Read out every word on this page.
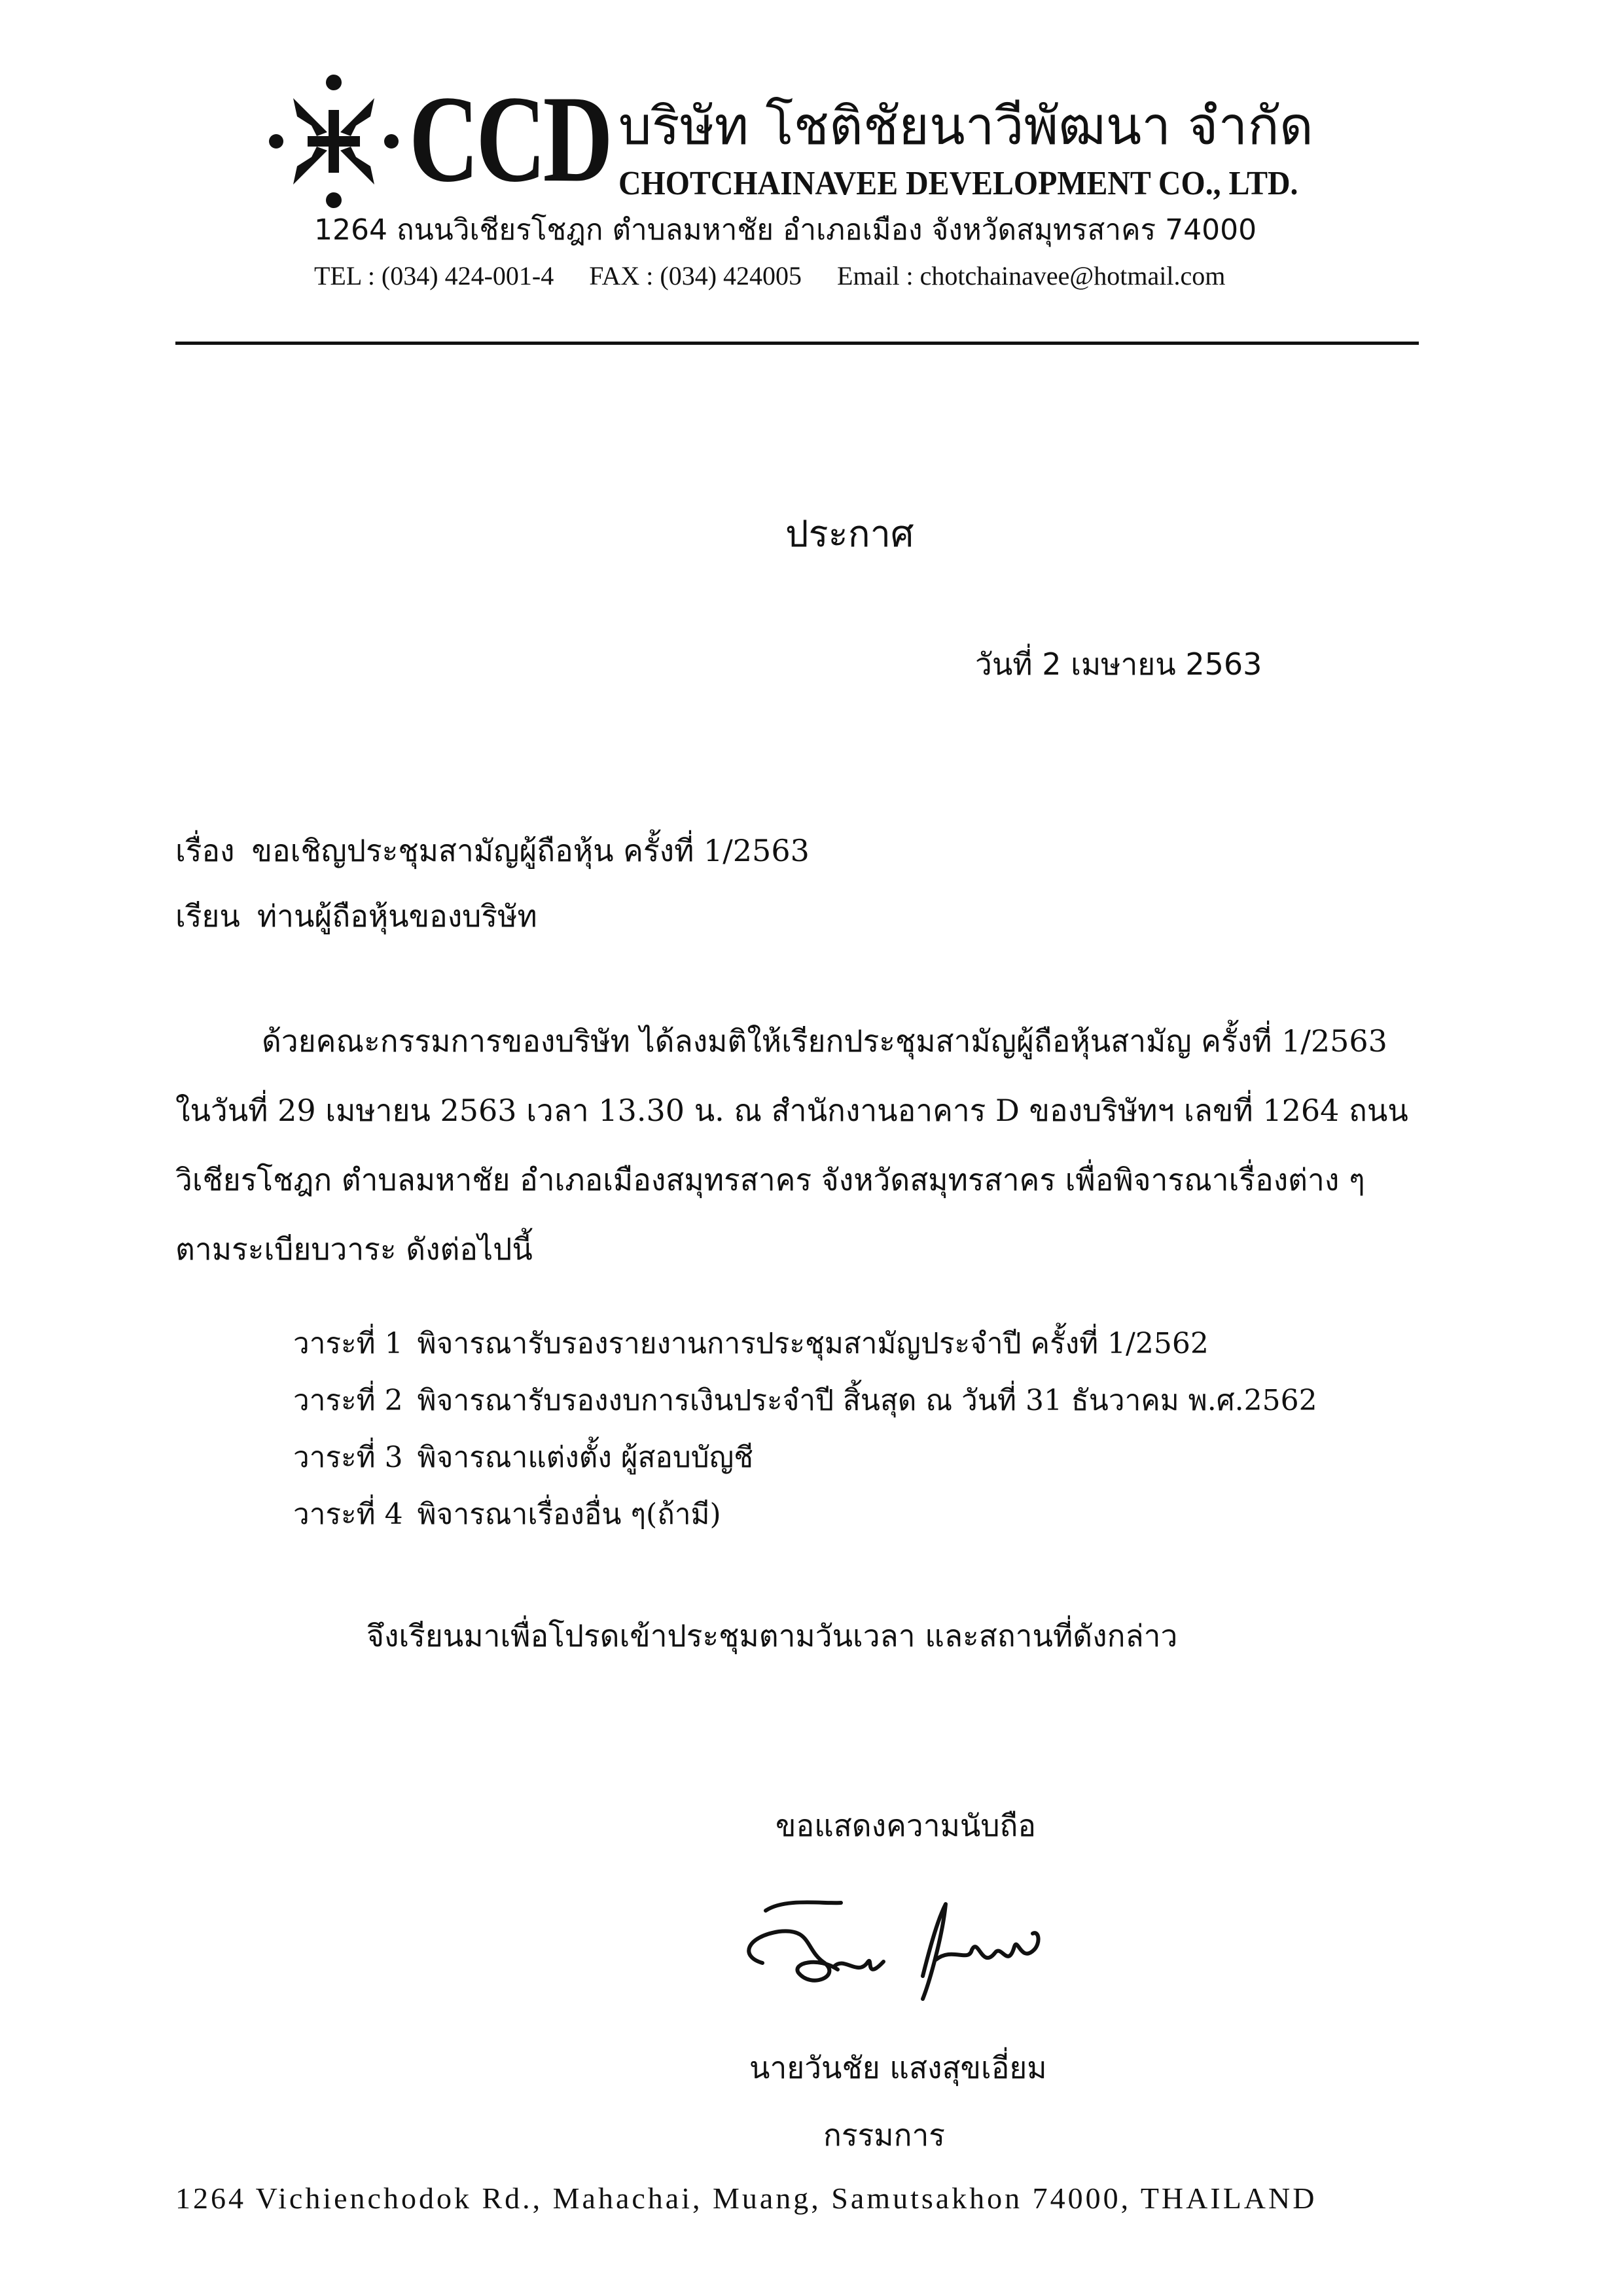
CCD บริษัท โชติชัยนาวีพัฒนา จำกัด
CHOTCHAINAVEE DEVELOPMENT CO., LTD.
1264 ถนนวิเชียรโชฎก ตำบลมหาชัย อำเภอเมือง จังหวัดสมุทรสาคร 74000
TEL : (034) 424-001-4 FAX : (034) 424005 Email : chotchainavee@hotmail.com
ประกาศ
วันที่ 2 เมษายน 2563
เรื่อง ขอเชิญประชุมสามัญผู้ถือหุ้น ครั้งที่ 1/2563
เรียน ท่านผู้ถือหุ้นของบริษัท

ด้วยคณะกรรมการของบริษัท ได้ลงมติให้เรียกประชุมสามัญผู้ถือหุ้นสามัญ ครั้งที่ 1/2563

ในวันที่ 29 เมษายน 2563 เวลา 13.30 น. ณ สำนักงานอาคาร D ของบริษัทฯ เลขที่ 1264 ถนน

วิเชียรโชฎก ตำบลมหาชัย อำเภอเมืองสมุทรสาคร จังหวัดสมุทรสาคร เพื่อพิจารณาเรื่องต่าง ๆ

ตามระเบียบวาระ ดังต่อไปนี้

วาระที่ 1 พิจารณารับรองรายงานการประชุมสามัญประจำปี ครั้งที่ 1/2562
วาระที่ 2 พิจารณารับรองงบการเงินประจำปี สิ้นสุด ณ วันที่ 31 ธันวาคม พ.ศ.2562
วาระที่ 3 พิจารณาแต่งตั้ง ผู้สอบบัญชี
วาระที่ 4 พิจารณาเรื่องอื่น ๆ(ถ้ามี)
จึงเรียนมาเพื่อโปรดเข้าประชุมตามวันเวลา และสถานที่ดังกล่าว
ขอแสดงความนับถือ
นายวันชัย แสงสุขเอี่ยม
กรรมการ
1264 Vichienchodok Rd., Mahachai, Muang, Samutsakhon 74000, THAILAND
